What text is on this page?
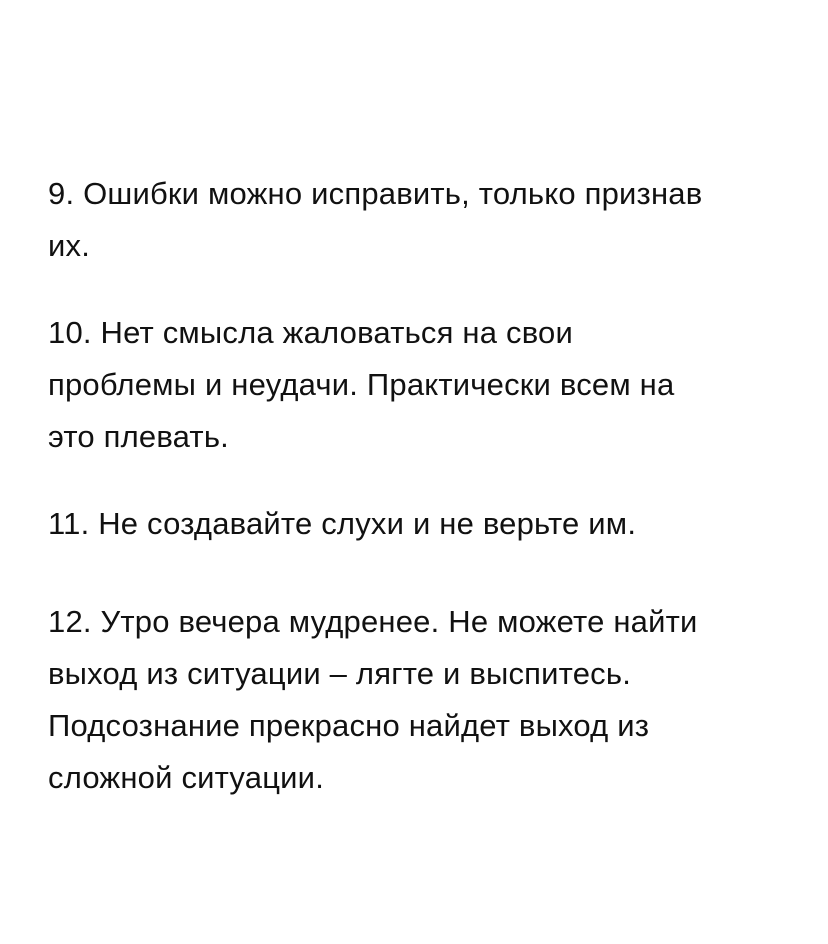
9. Ошибки можно исправить, только признав
их.

10. Нет смысла жаловаться на свои
проблемы и неудачи. Практически всем на
это плевать.

11. Не создавайте слухи и не верьте им.

12. Утро вечера мудренее. Не можете найти
выход из ситуации – лягте и выспитесь.
Подсознание прекрасно найдет выход из
сложной ситуации.
